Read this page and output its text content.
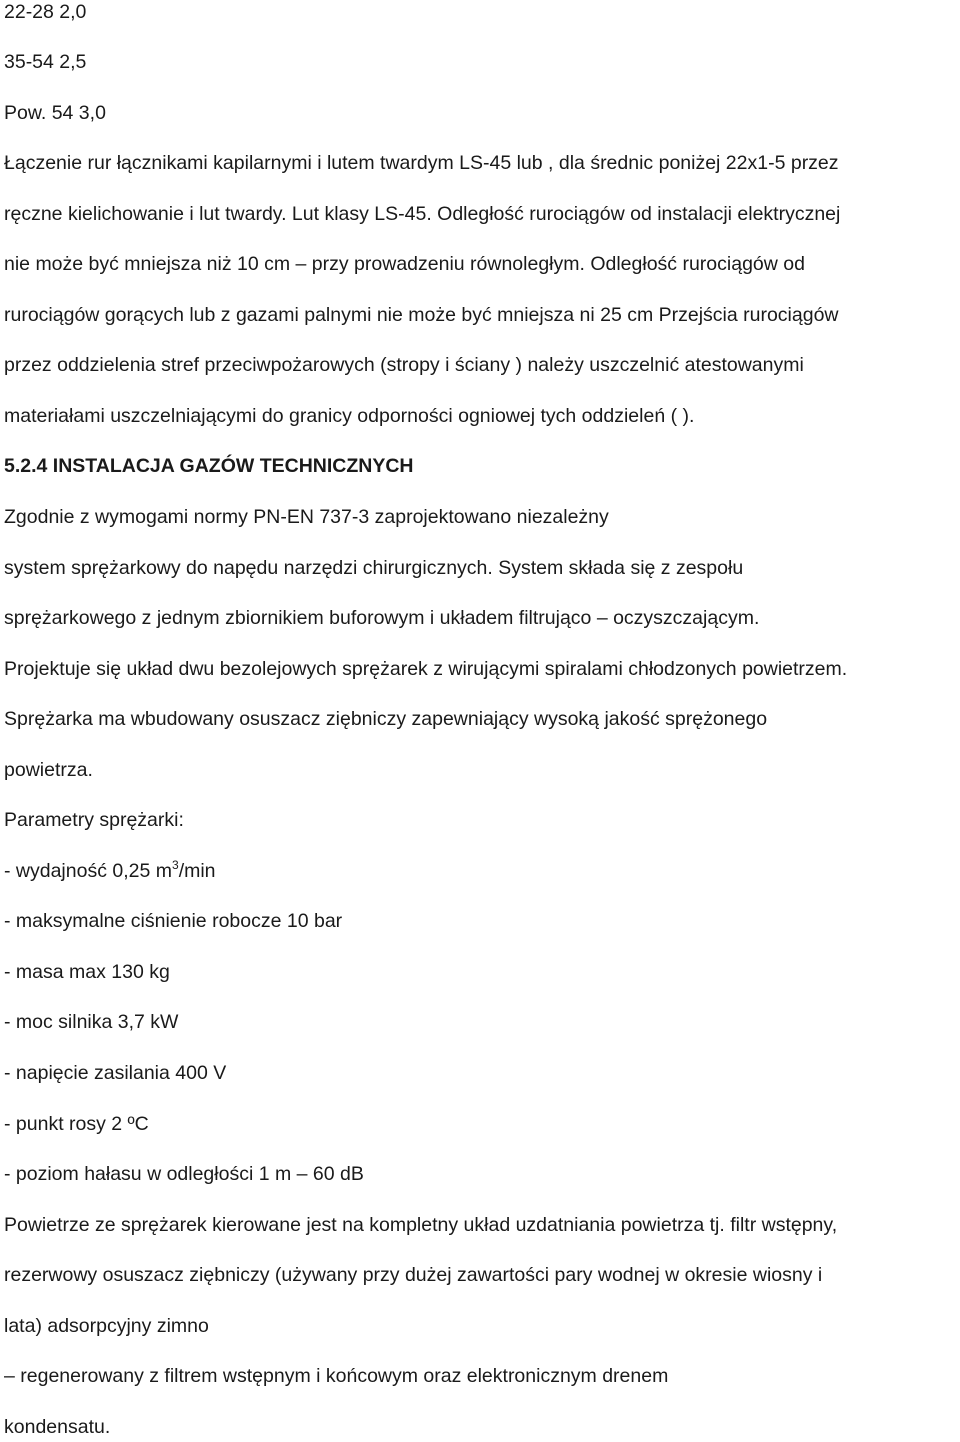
22-28 2,0
35-54 2,5
Pow. 54 3,0
Łączenie rur łącznikami kapilarnymi i lutem twardym LS-45 lub , dla średnic poniżej 22x1-5 przez
ręczne kielichowanie i lut twardy. Lut klasy LS-45. Odległość rurociągów od instalacji elektrycznej
nie może być mniejsza niż 10 cm – przy prowadzeniu równoległym. Odległość rurociągów od
rurociągów gorących lub z gazami palnymi nie może być mniejsza ni 25 cm Przejścia rurociągów
przez oddzielenia stref przeciwpożarowych (stropy i ściany ) należy uszczelnić atestowanymi
materiałami uszczelniającymi do granicy odporności ogniowej tych oddzieleń ( ).
5.2.4 INSTALACJA GAZÓW TECHNICZNYCH
Zgodnie z wymogami normy PN-EN 737-3 zaprojektowano niezależny
system sprężarkowy do napędu narzędzi chirurgicznych. System składa się z zespołu
sprężarkowego z jednym zbiornikiem buforowym i układem filtrująco – oczyszczającym.
Projektuje się układ dwu bezolejowych sprężarek z wirującymi spiralami chłodzonych powietrzem.
Sprężarka ma wbudowany osuszacz ziębniczy zapewniający wysoką jakość sprężonego
powietrza.
Parametry sprężarki:
- wydajność 0,25 $m^3/\min$
- maksymalne ciśnienie robocze 10 bar
- masa max 130 kg
- moc silnika 3,7 kW
- napięcie zasilania 400 V
- punkt rosy 2 ºC
- poziom hałasu w odległości 1 m – 60 dB
Powietrze ze sprężarek kierowane jest na kompletny układ uzdatniania powietrza tj. filtr wstępny,
rezerwowy osuszacz ziębniczy (używany przy dużej zawartości pary wodnej w okresie wiosny i
lata) adsorpcyjny zimno
– regenerowany z filtrem wstępnym i końcowym oraz elektronicznym drenem
kondensatu.
